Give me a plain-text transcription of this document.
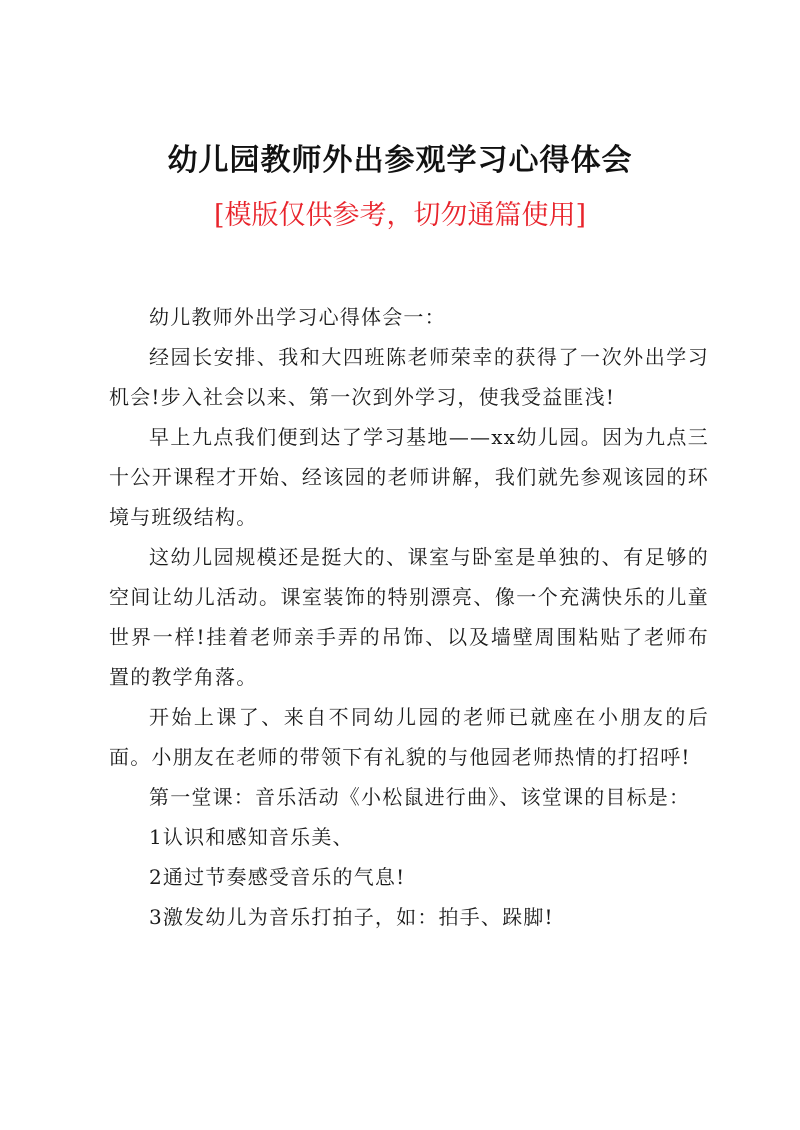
幼儿园教师外出参观学习心得体会
[模版仅供参考，切勿通篇使用]

幼儿教师外出学习心得体会一：

经园长安排、我和大四班陈老师荣幸的获得了一次外出学习机会!步入社会以来、第一次到外学习，使我受益匪浅!

早上九点我们便到达了学习基地——xx幼儿园。因为九点三十公开课程才开始、经该园的老师讲解，我们就先参观该园的环境与班级结构。

这幼儿园规模还是挺大的、课室与卧室是单独的、有足够的空间让幼儿活动。课室装饰的特别漂亮、像一个充满快乐的儿童世界一样!挂着老师亲手弄的吊饰、以及墙壁周围粘贴了老师布置的教学角落。

开始上课了、来自不同幼儿园的老师已就座在小朋友的后面。小朋友在老师的带领下有礼貌的与他园老师热情的打招呼!

第一堂课：音乐活动《小松鼠进行曲》、该堂课的目标是：

1认识和感知音乐美、

2通过节奏感受音乐的气息!

3激发幼儿为音乐打拍子，如：拍手、跺脚!
